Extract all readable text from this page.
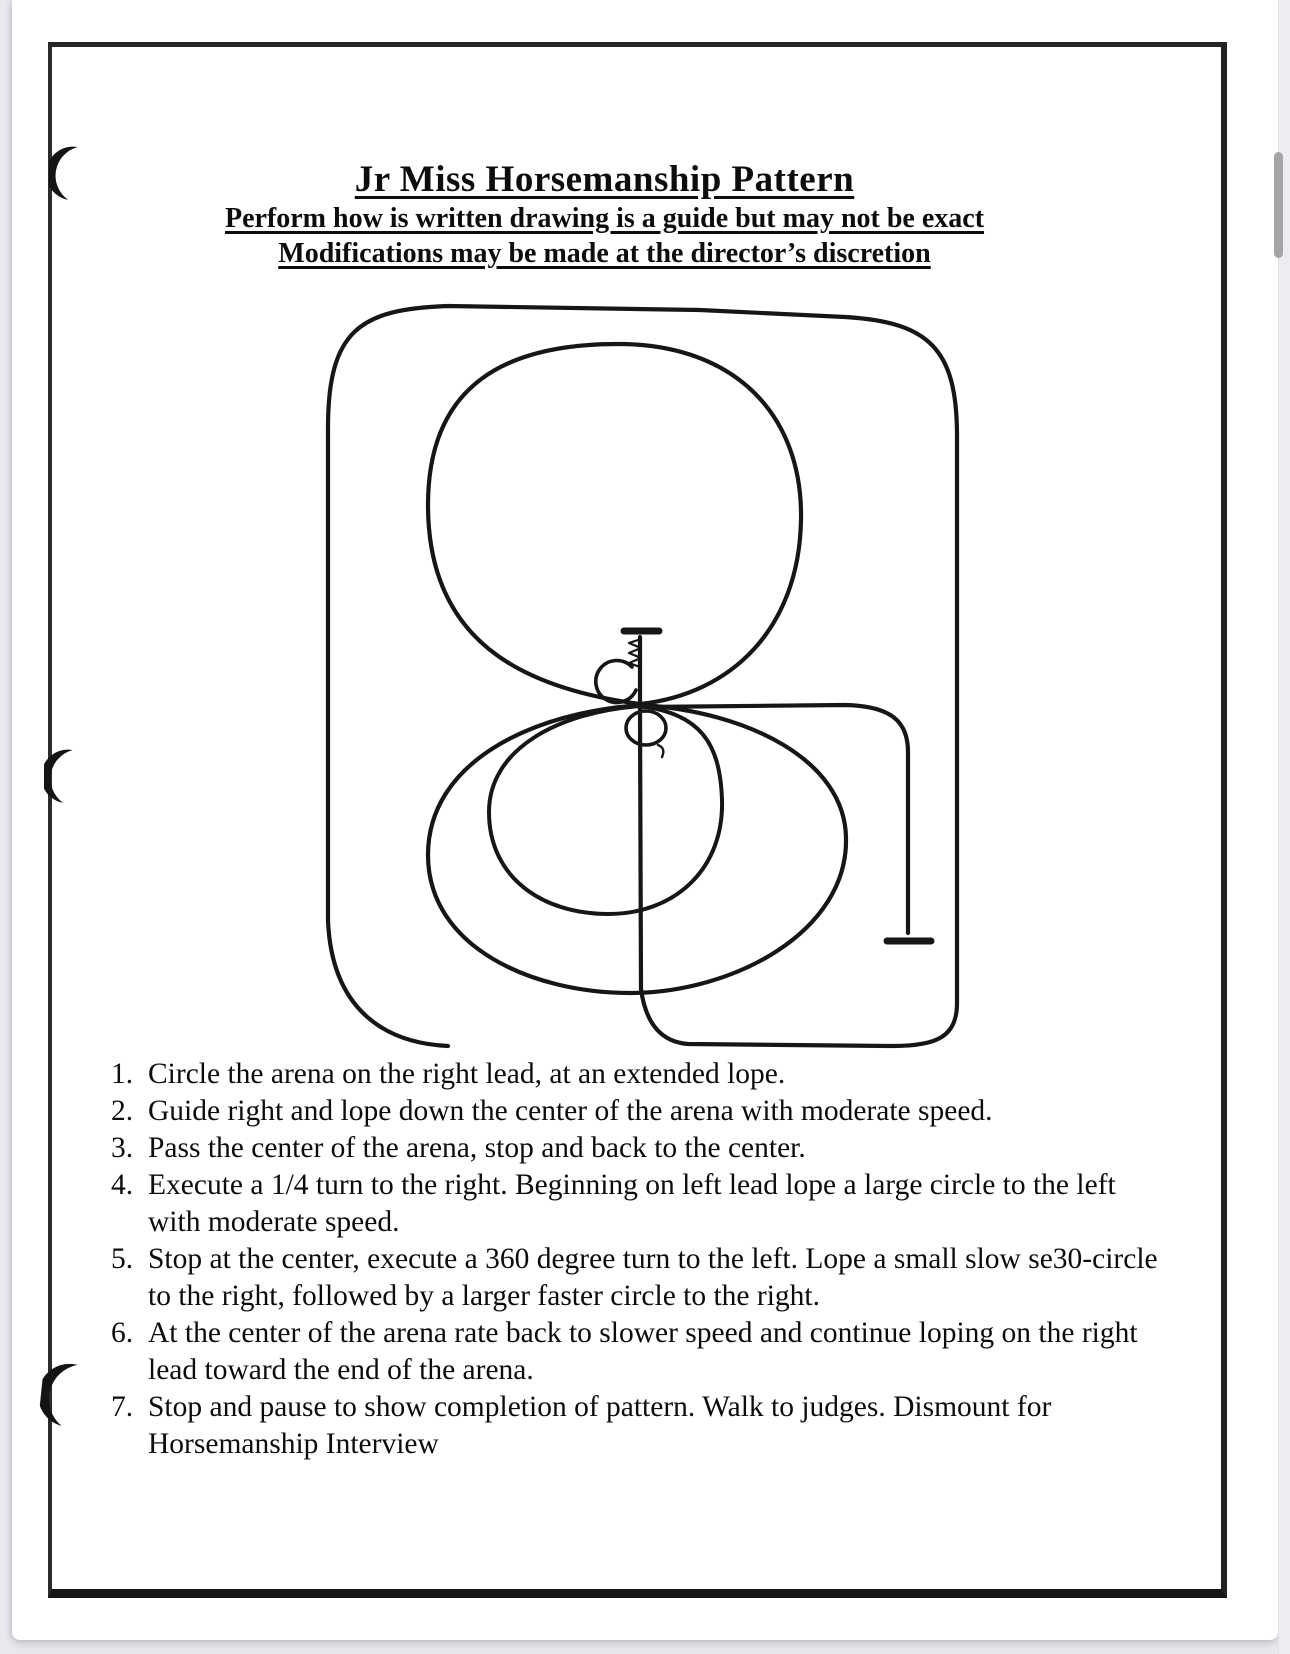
Jr Miss Horsemanship Pattern
Perform how is written drawing is a guide but may not be exact
Modifications may be made at the director’s discretion
1. Circle the arena on the right lead, at an extended lope.
2. Guide right and lope down the center of the arena with moderate speed.
3. Pass the center of the arena, stop and back to the center.
4. Execute a 1/4 turn to the right. Beginning on left lead lope a large circle to the left with moderate speed.
5. Stop at the center, execute a 360 degree turn to the left. Lope a small slow se30-circle to the right, followed by a larger faster circle to the right.
6. At the center of the arena rate back to slower speed and continue loping on the right lead toward the end of the arena.
7. Stop and pause to show completion of pattern. Walk to judges. Dismount for Horsemanship Interview
